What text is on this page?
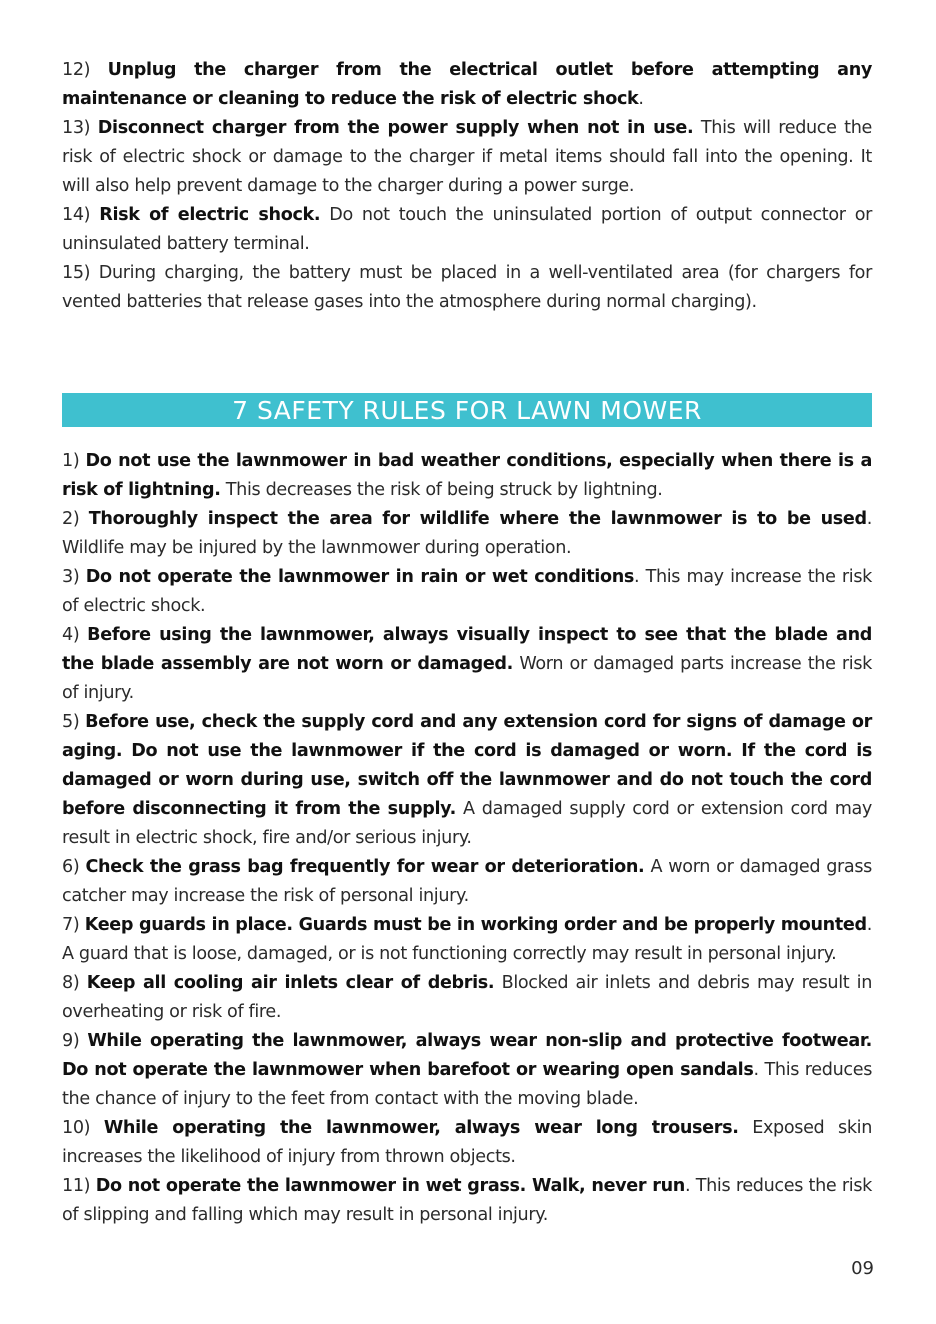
12) Unplug the charger from the electrical outlet before attempting any maintenance or cleaning to reduce the risk of electric shock.

13) Disconnect charger from the power supply when not in use. This will reduce the risk of electric shock or damage to the charger if metal items should fall into the opening. It will also help prevent damage to the charger during a power surge.

14) Risk of electric shock. Do not touch the uninsulated portion of output connector or uninsulated battery terminal.

15) During charging, the battery must be placed in a well-ventilated area (for chargers for vented batteries that release gases into the atmosphere during normal charging).

7 SAFETY RULES FOR LAWN MOWER

1) Do not use the lawnmower in bad weather conditions, especially when there is a risk of lightning. This decreases the risk of being struck by lightning.

2) Thoroughly inspect the area for wildlife where the lawnmower is to be used. Wildlife may be injured by the lawnmower during operation.

3) Do not operate the lawnmower in rain or wet conditions. This may increase the risk of electric shock.

4) Before using the lawnmower, always visually inspect to see that the blade and the blade assembly are not worn or damaged. Worn or damaged parts increase the risk of injury.

5) Before use, check the supply cord and any extension cord for signs of damage or aging. Do not use the lawnmower if the cord is damaged or worn. If the cord is damaged or worn during use, switch off the lawnmower and do not touch the cord before disconnecting it from the supply. A damaged supply cord or extension cord may result in electric shock, fire and/or serious injury.

6) Check the grass bag frequently for wear or deterioration. A worn or damaged grass catcher may increase the risk of personal injury.

7) Keep guards in place. Guards must be in working order and be properly mounted. A guard that is loose, damaged, or is not functioning correctly may result in personal injury.

8) Keep all cooling air inlets clear of debris. Blocked air inlets and debris may result in overheating or risk of fire.

9) While operating the lawnmower, always wear non-slip and protective footwear. Do not operate the lawnmower when barefoot or wearing open sandals. This reduces the chance of injury to the feet from contact with the moving blade.

10) While operating the lawnmower, always wear long trousers. Exposed skin increases the likelihood of injury from thrown objects.

11) Do not operate the lawnmower in wet grass. Walk, never run. This reduces the risk of slipping and falling which may result in personal injury.

09
